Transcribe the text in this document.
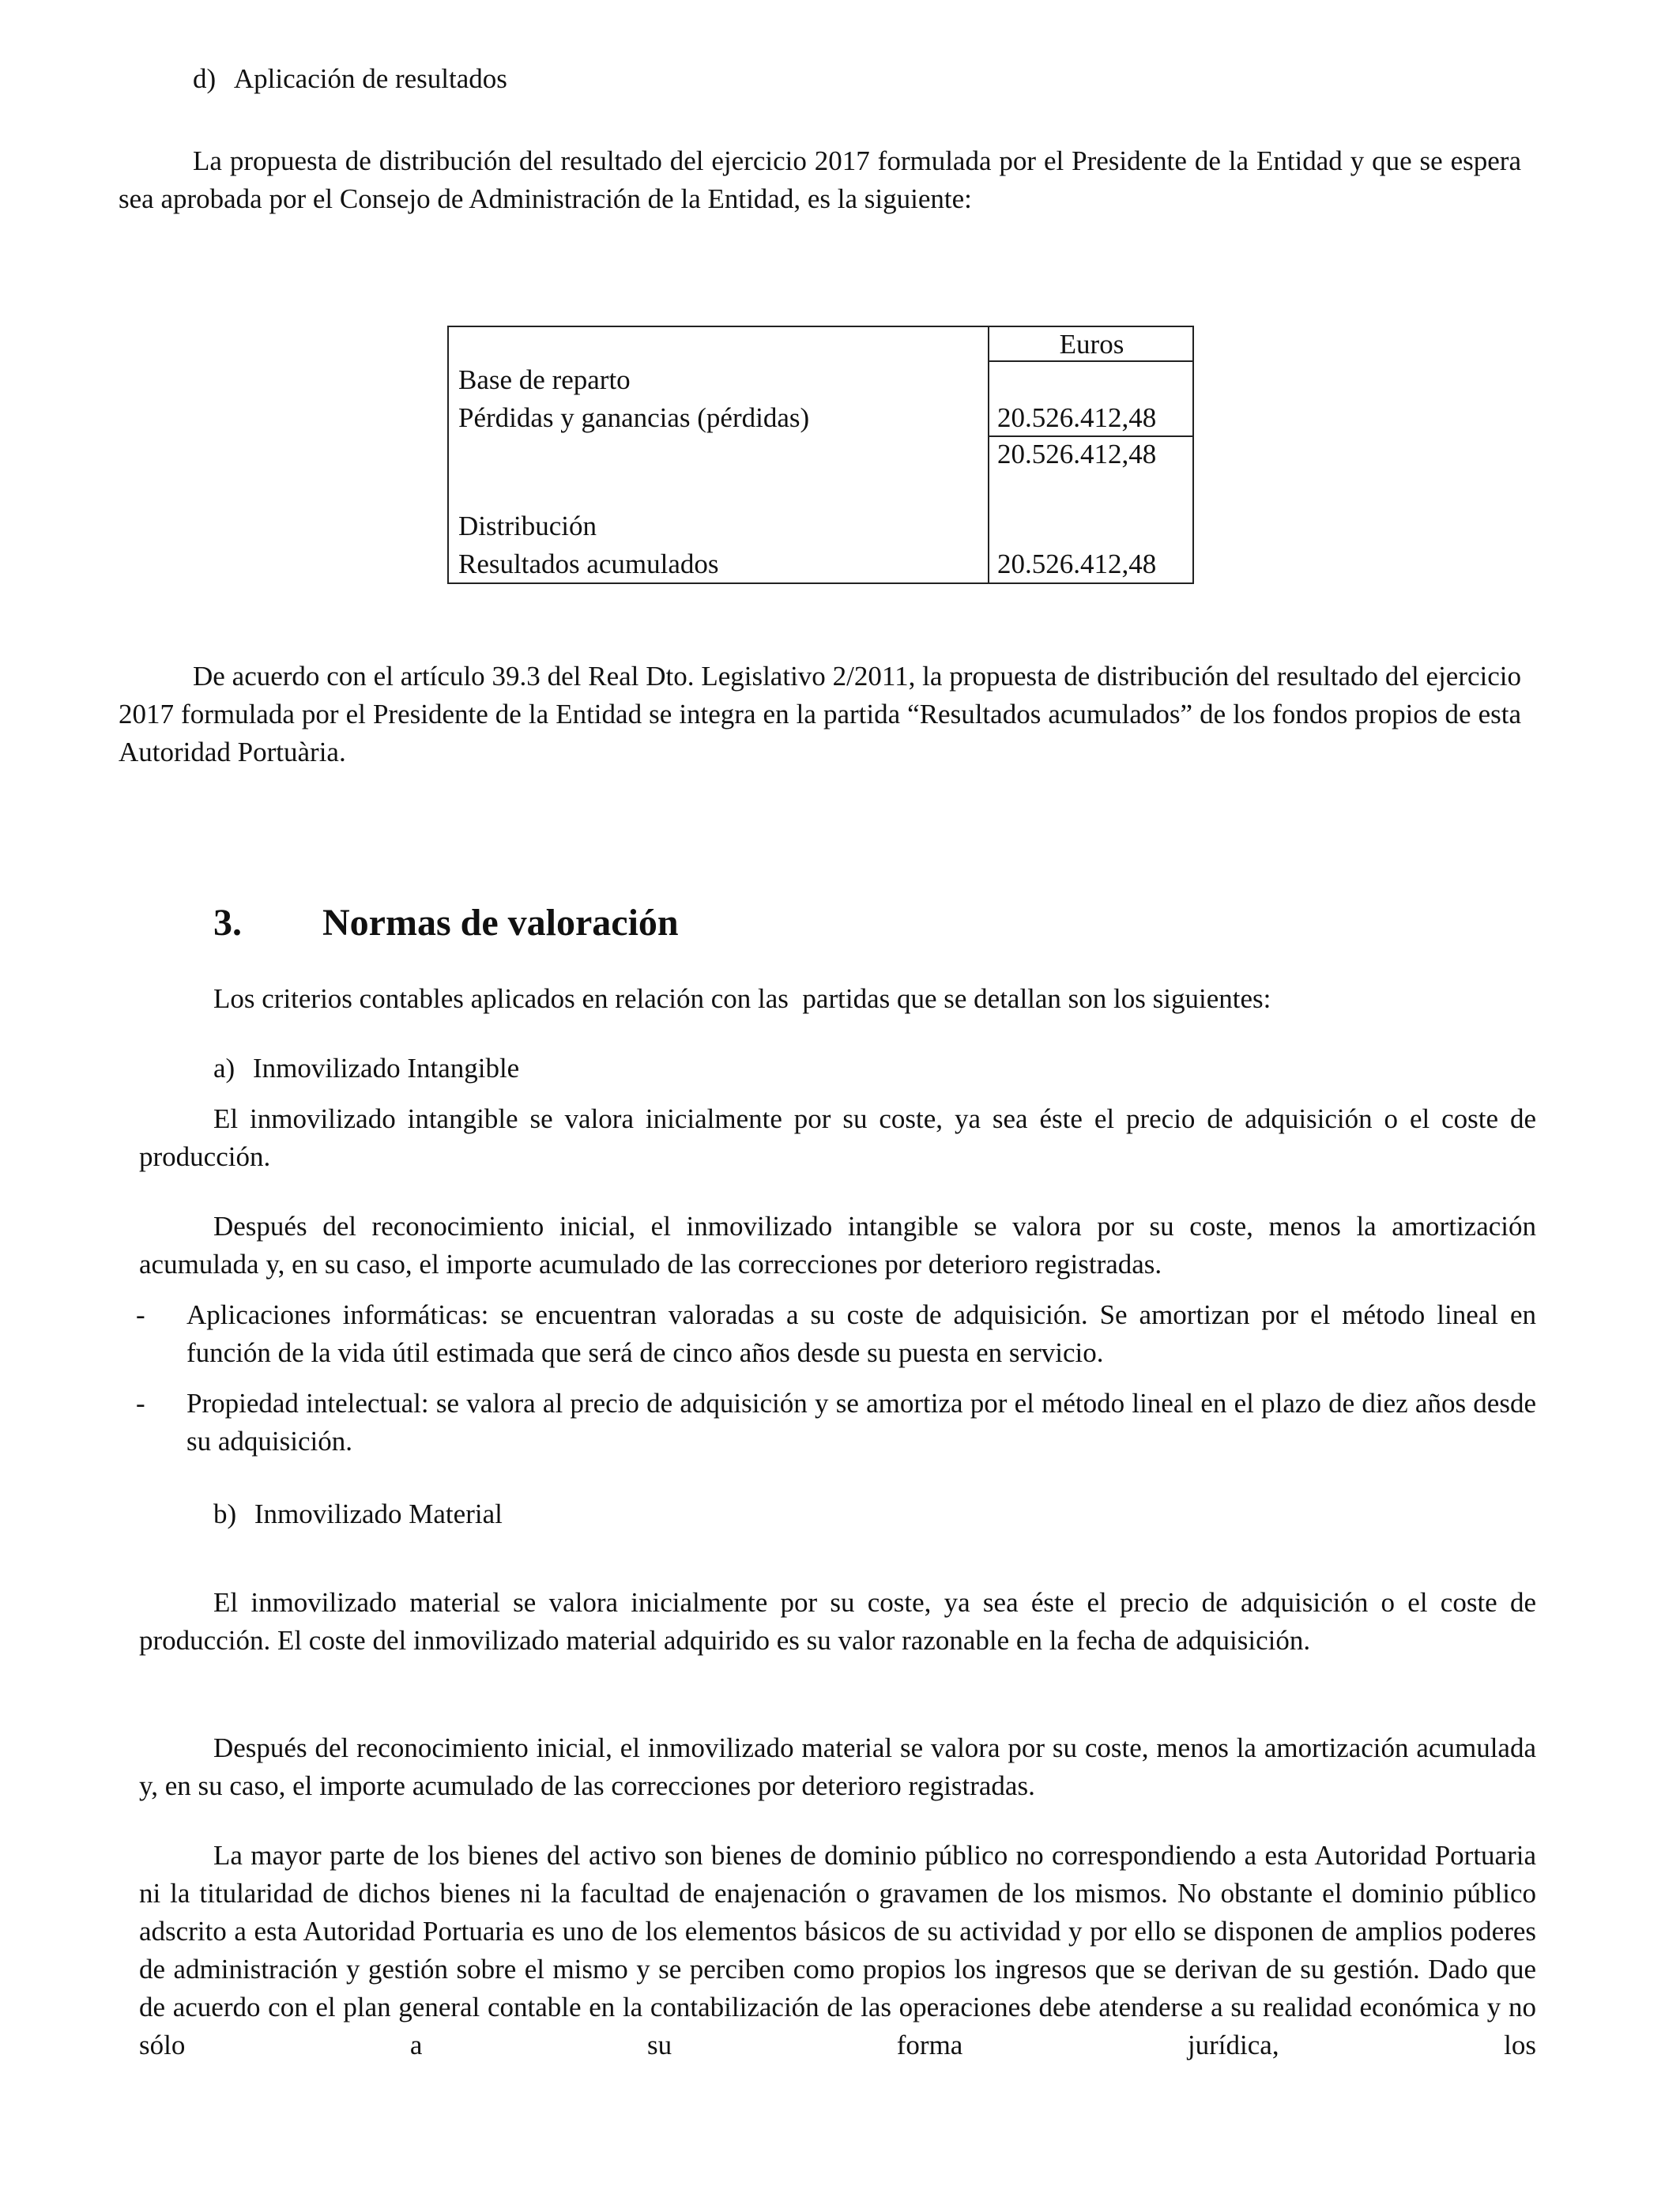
d) Aplicación de resultados

La propuesta de distribución del resultado del ejercicio 2017 formulada por el Presidente de la Entidad y que se espera sea aprobada por el Consejo de Administración de la Entidad, es la siguiente:

Euros
Base de reparto
Pérdidas y ganancias (pérdidas)	20.526.412,48
20.526.412,48
Distribución
Resultados acumulados	20.526.412,48

De acuerdo con el artículo 39.3 del Real Dto. Legislativo 2/2011, la propuesta de distribución del resultado del ejercicio 2017 formulada por el Presidente de la Entidad se integra en la partida “Resultados acumulados” de los fondos propios de esta Autoridad Portuària.

3. Normas de valoración

Los criterios contables aplicados en relación con las  partidas que se detallan son los siguientes:

a) Inmovilizado Intangible

El inmovilizado intangible se valora inicialmente por su coste, ya sea éste el precio de adquisición o el coste de producción.

Después del reconocimiento inicial, el inmovilizado intangible se valora por su coste, menos la amortización acumulada y, en su caso, el importe acumulado de las correcciones por deterioro registradas.

- Aplicaciones informáticas: se encuentran valoradas a su coste de adquisición. Se amortizan por el método lineal en función de la vida útil estimada que será de cinco años desde su puesta en servicio.

- Propiedad intelectual: se valora al precio de adquisición y se amortiza por el método lineal en el plazo de diez años desde su adquisición.

b) Inmovilizado Material

El inmovilizado material se valora inicialmente por su coste, ya sea éste el precio de adquisición o el coste de producción. El coste del inmovilizado material adquirido es su valor razonable en la fecha de adquisición.

Después del reconocimiento inicial, el inmovilizado material se valora por su coste, menos la amortización acumulada y, en su caso, el importe acumulado de las correcciones por deterioro registradas.

La mayor parte de los bienes del activo son bienes de dominio público no correspondiendo a esta Autoridad Portuaria ni la titularidad de dichos bienes ni la facultad de enajenación o gravamen de los mismos. No obstante el dominio público adscrito a esta Autoridad Portuaria es uno de los elementos básicos de su actividad y por ello se disponen de amplios poderes de administración y gestión sobre el mismo y se perciben como propios los ingresos que se derivan de su gestión. Dado que de acuerdo con el plan general contable en la contabilización de las operaciones debe atenderse a su realidad económica y no sólo a su forma jurídica, los
